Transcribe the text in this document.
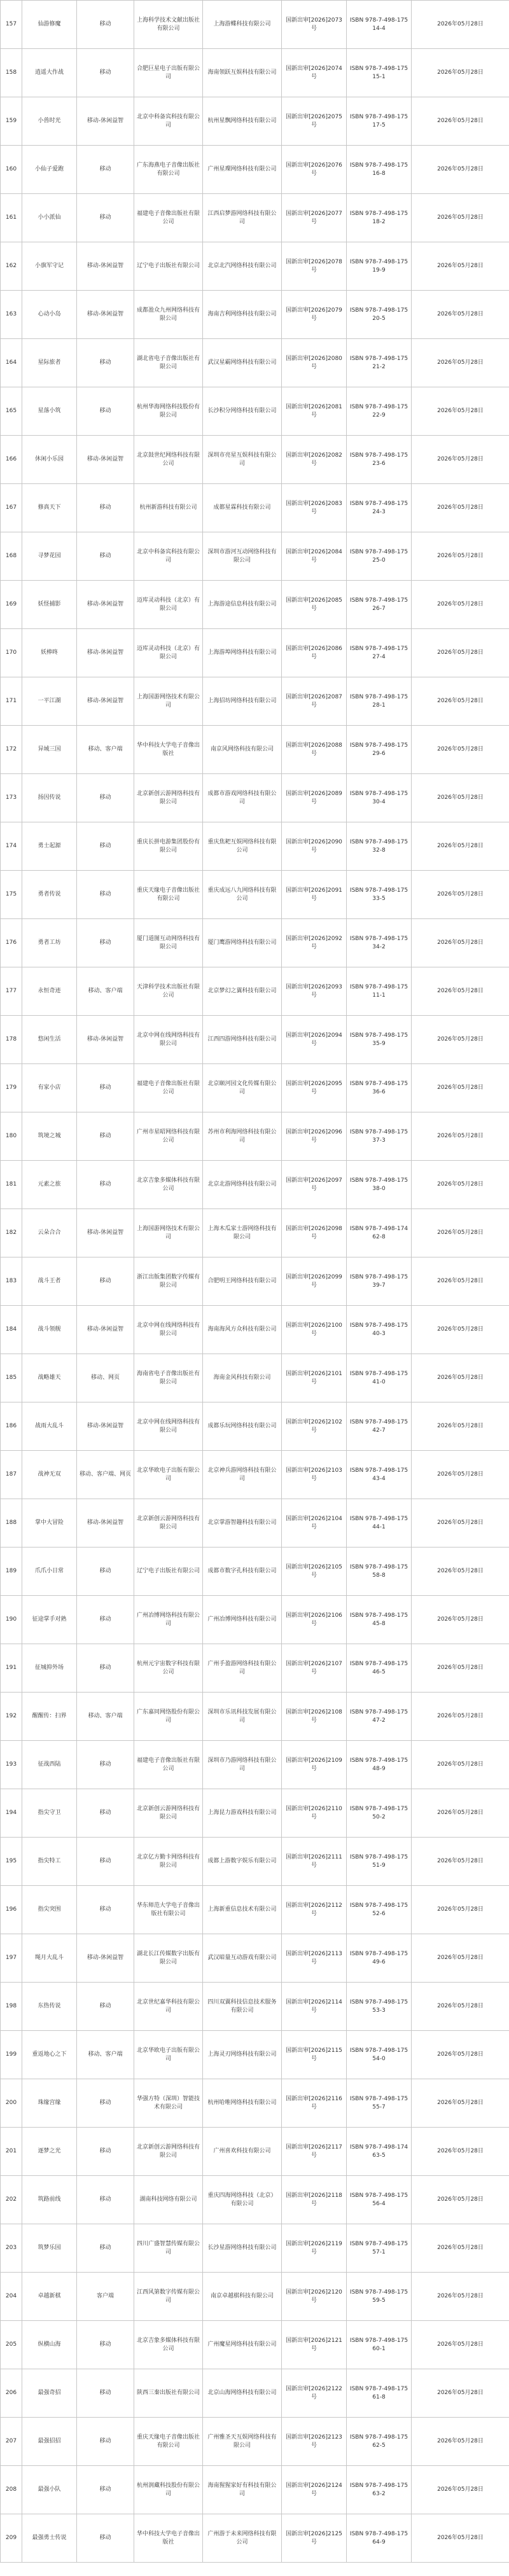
157	仙游修魔	移动	上海科学技术文献出版社有限公司	上海游蝶科技有限公司	国新出审[2026]2073号	ISBN 978-7-498-17514-4	2026年05月28日
158	逍遥大作战	移动	合肥巨星电子出版有限公司	海南领跃互娱科技有限公司	国新出审[2026]2074号	ISBN 978-7-498-17515-1	2026年05月28日
159	小兽时光	移动-休闲益智	北京中科备宾科技有限公司	杭州星飘网络科技有限公司	国新出审[2026]2075号	ISBN 978-7-498-17517-5	2026年05月28日
160	小仙子爱跑	移动	广东海燕电子音像出版社有限公司	广州星璨网络科技有限公司	国新出审[2026]2076号	ISBN 978-7-498-17516-8	2026年05月28日
161	小小派仙	移动	福建电子音像出版社有限公司	江西启梦游网络科技有限公司	国新出审[2026]2077号	ISBN 978-7-498-17518-2	2026年05月28日
162	小旗军守记	移动-休闲益智	辽宁电子出版社有限公司	北京北汽网络科技有限公司	国新出审[2026]2078号	ISBN 978-7-498-17519-9	2026年05月28日
163	心动小岛	移动-休闲益智	成都盈众九州网络科技有限公司	海南吉利网络科技有限公司	国新出审[2026]2079号	ISBN 978-7-498-17520-5	2026年05月28日
164	星际旅者	移动	湖北省电子音像出版社有限公司	武汉星霸网络科技有限公司	国新出审[2026]2080号	ISBN 978-7-498-17521-2	2026年05月28日
165	星落小筑	移动	杭州华海网络科技股份有限公司	长沙积分网络科技有限公司	国新出审[2026]2081号	ISBN 978-7-498-17522-9	2026年05月28日
166	休闲小乐园	移动-休闲益智	北京鼓世纪网络科技有限公司	深圳市亮星互娱科技有限公司	国新出审[2026]2082号	ISBN 978-7-498-17523-6	2026年05月28日
167	修真天下	移动	杭州新游科技有限公司	成都星霖科技有限公司	国新出审[2026]2083号	ISBN 978-7-498-17524-3	2026年05月28日
168	寻梦花园	移动	北京中科备宾科技有限公司	深圳市游河互动网络科技有限公司	国新出审[2026]2084号	ISBN 978-7-498-17525-0	2026年05月28日
169	妖怪捕影	移动-休闲益智	迈库灵动科技（北京）有限公司	上海游途信息科技有限公司	国新出审[2026]2085号	ISBN 978-7-498-17526-7	2026年05月28日
170	妖棒咚	移动-休闲益智	迈库灵动科技（北京）有限公司	上海游埠网络科技有限公司	国新出审[2026]2086号	ISBN 978-7-498-17527-4	2026年05月28日
171	一平江湖	移动-休闲益智	上海国游网络技术有限公司	上海招坊网络科技有限公司	国新出审[2026]2087号	ISBN 978-7-498-17528-1	2026年05月28日
172	异域三国	移动、客户端	华中科技大学电子音像出版社	南京风网络科技有限公司	国新出审[2026]2088号	ISBN 978-7-498-17529-6	2026年05月28日
173	扬因传说	移动	北京新创云游网络科技有限公司	成都市游戏网络科技有限公司	国新出审[2026]2089号	ISBN 978-7-498-17530-4	2026年05月28日
174	勇士起源	移动	重庆长拼电游集团股份有限公司	重庆焦耙互娱网络科技有限公司	国新出审[2026]2090号	ISBN 978-7-498-17532-8	2026年05月28日
175	勇者传说	移动	重庆天缘电子音像出版社有限公司	重庆成远八九网络科技有限公司	国新出审[2026]2091号	ISBN 978-7-498-17533-5	2026年05月28日
176	勇者工坊	移动	厦门道图互动网络科技有限公司	厦门鹰游网络科技有限公司	国新出审[2026]2092号	ISBN 978-7-498-17534-2	2026年05月28日
177	永恒奇迹	移动、客户端	天津科学技术出版社有限公司	北京梦幻之翼科技有限公司	国新出审[2026]2093号	ISBN 978-7-498-17511-1	2026年05月28日
178	悠闲生活	移动-休闲益智	北京中网在线网络科技有限公司	江西四游网络科技有限公司	国新出审[2026]2094号	ISBN 978-7-498-17535-9	2026年05月28日
179	有家小店	移动	福建电子音像出版社有限公司	北京颐河园文化传媒有限公司	国新出审[2026]2095号	ISBN 978-7-498-17536-6	2026年05月28日
180	筑境之城	移动	广州市星昭网络科技有限公司	苏州市利海网络科技有限公司	国新出审[2026]2096号	ISBN 978-7-498-17537-3	2026年05月28日
181	元素之旅	移动	北京吉象多媒体科技有限公司	北京北游网络科技有限公司	国新出审[2026]2097号	ISBN 978-7-498-17538-0	2026年05月28日
182	云朵合合	移动-休闲益智	上海国游网络技术有限公司	上海木瓜家士游网络科技有限公司	国新出审[2026]2098号	ISBN 978-7-498-17462-8	2026年05月28日
183	战斗王者	移动	浙江出版集团数字传媒有限公司	合肥明王网络科技有限公司	国新出审[2026]2099号	ISBN 978-7-498-17539-7	2026年05月28日
184	战斗领舰	移动-休闲益智	北京中网在线网络科技有限公司	海南海风方众科技有限公司	国新出审[2026]2100号	ISBN 978-7-498-17540-3	2026年05月28日
185	战略雄天	移动、网页	海南省电子音像出版社有限公司	海南金风科技有限公司	国新出审[2026]2101号	ISBN 978-7-498-17541-0	2026年05月28日
186	战雨大乱斗	移动-休闲益智	北京中网在线网络科技有限公司	成都乐玩网络科技有限公司	国新出审[2026]2102号	ISBN 978-7-498-17542-7	2026年05月28日
187	战神无双	移动、客户端、网页	北京华欧电子出版有限公司	北京神兵游网络科技有限公司	国新出审[2026]2103号	ISBN 978-7-498-17543-4	2026年05月28日
188	掌中大冒险	移动-休闲益智	北京新创云游网络科技有限公司	北京掌游智趣科技有限公司	国新出审[2026]2104号	ISBN 978-7-498-17544-1	2026年05月28日
189	爪爪小日常	移动	辽宁电子出版社有限公司	成都市数字孔科技有限公司	国新出审[2026]2105号	ISBN 978-7-498-17558-8	2026年05月28日
190	征途掌手对熟	移动	广州冶博网络科技有限公司	广州冶博网络科技有限公司	国新出审[2026]2106号	ISBN 978-7-498-17545-8	2026年05月28日
191	征城抑外场	移动	杭州元宇宙数字科技有限公司	广州手盈游网络科技有限公司	国新出审[2026]2107号	ISBN 978-7-498-17546-5	2026年05月28日
192	醒醒传：扫界	移动、客户端	广东嘉同网络股份有限公司	深圳市乐讯科技发展有限公司	国新出审[2026]2108号	ISBN 978-7-498-17547-2	2026年05月28日
193	征战西陆	移动	福建电子音像出版社有限公司	深圳市乃游网络科技有限公司	国新出审[2026]2109号	ISBN 978-7-498-17548-9	2026年05月28日
194	指尖守卫	移动	北京新创云游网络科技有限公司	上海昆力游戏科技有限公司	国新出审[2026]2110号	ISBN 978-7-498-17550-2	2026年05月28日
195	指尖特工	移动	北京亿方勤卡网络科技有限公司	成都上游数字娱乐有限公司	国新出审[2026]2111号	ISBN 978-7-498-17551-9	2026年05月28日
196	指尖突围	移动	华东师范大学电子音像出版社有限公司	上海新重信息技术有限公司	国新出审[2026]2112号	ISBN 978-7-498-17552-6	2026年05月28日
197	绳月大乱斗	移动-休闲益智	湖北长江传媒数字出版有限公司	武汉暗量互动游戏有限公司	国新出审[2026]2113号	ISBN 978-7-498-17549-6	2026年05月28日
198	东热传说	移动	北京世纪嘉华科技有限公司	四川双翼科技信息技术服务有限公司	国新出审[2026]2114号	ISBN 978-7-498-17553-3	2026年05月28日
199	重返地心之下	移动、客户端	北京华欧电子出版有限公司	上海灵刃网络科技有限公司	国新出审[2026]2115号	ISBN 978-7-498-17554-0	2026年05月28日
200	珠缘宫缘	移动	华强方特（深圳）智能技术有限公司	杭州哈唯网络科技有限公司	国新出审[2026]2116号	ISBN 978-7-498-17555-7	2026年05月28日
201	逐梦之光	移动	北京新创云游网络科技有限公司	广州喜欢科技有限公司	国新出审[2026]2117号	ISBN 978-7-498-17463-5	2026年05月28日
202	筑路前线	移动	湖南科技网络有限公司	重庆四海网络科技（北京）有限公司	国新出审[2026]2118号	ISBN 978-7-498-17556-4	2026年05月28日
203	筑梦乐园	移动	四川广盛智慧传媒有限公司	长沙星游网络科技有限公司	国新出审[2026]2119号	ISBN 978-7-498-17557-1	2026年05月28日
204	卓越新棋	客户端	江西风第数字传媒有限公司	南京卓越棋科技有限公司	国新出审[2026]2120号	ISBN 978-7-498-17559-5	2026年05月28日
205	纵横山海	移动	北京吉象多媒体科技有限公司	广州魔星网络科技有限公司	国新出审[2026]2121号	ISBN 978-7-498-17560-1	2026年05月28日
206	最强奇招	移动	陕西三秦出版社有限公司	北京山海网络科技有限公司	国新出审[2026]2122号	ISBN 978-7-498-17561-8	2026年05月28日
207	最强招招	移动	重庆天缘电子音像出版社有限公司	广州雅圣天互娱网络科技有限公司	国新出审[2026]2123号	ISBN 978-7-498-17562-5	2026年05月28日
208	最强小队	移动	杭州润藏科技股份有限公司	海南猩猩家好有科技有限公司	国新出审[2026]2124号	ISBN 978-7-498-17563-2	2026年05月28日
209	最强勇士传说	移动	华中科技大学电子音像出版社	广州游于未来网络科技有限公司	国新出审[2026]2125号	ISBN 978-7-498-17564-9	2026年05月28日
